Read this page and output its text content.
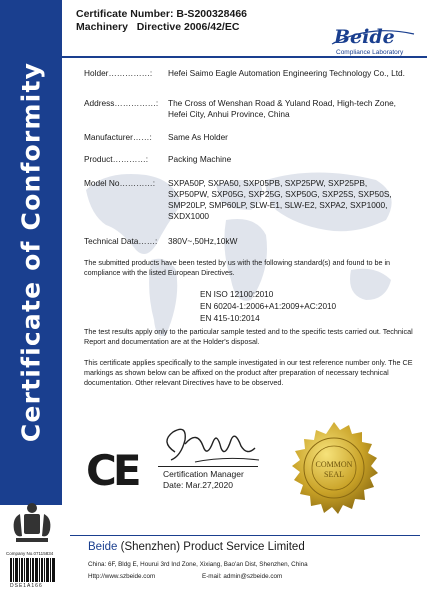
Certificate of Conformity
Certificate Number: B-S200328466
Machinery Directive 2006/42/EC	Beide
Compliance Laboratory
Holder……………: Hefei Saimo Eagle Automation Engineering Technology Co., Ltd.
Address……………: The Cross of Wenshan Road & Yuland Road, High-tech Zone, Hefei City, Anhui Province, China
Manufacturer……: Same As Holder
Product…………: Packing Machine
Model No…………: SXPA50P, SXPA50, SXP05PB, SXP25PW, SXP25PB, SXP50PW, SXP05G, SXP25G, SXP50G, SXP25S, SXP50S, SMP20LP, SMP60LP, SLW-E1, SLW-E2, SXPA2, SXP1000, SXDX1000
Technical Data……: 380V~,50Hz,10kW
The submitted products have been tested by us with the following standard(s) and found to be in compliance with the listed European Directives.
EN ISO 12100:2010
EN 60204-1:2006+A1:2009+AC:2010
EN 415-10:2014
The test results apply only to the particular sample tested and to the specific tests carried out. Technical Report and documentation are at the Holder's disposal.
This certificate applies specifically to the sample investigated in our test reference number only. The CE markings as shown below can be affixed on the product after preparation of necessary technical documentation. Other relevant Directives have to be observed.
CE	Certification Manager
Date: Mar.27,2020
COMMON
SEAL
Company No.07115834
DSE1A166
Beide (Shenzhen) Product Service Limited
China: 6F, Bldg E, Hourui 3rd Ind Zone, Xixiang, Bao'an Dist, Shenzhen, China
Http://www.szbeide.com	E-mail: admin@szbeide.com
